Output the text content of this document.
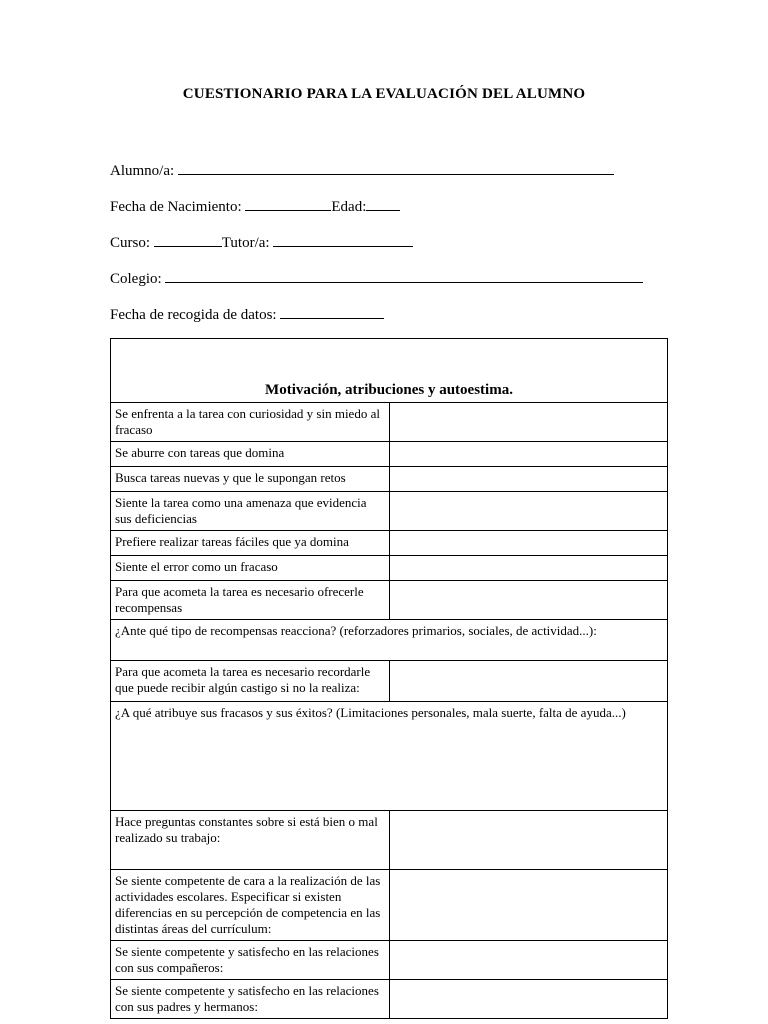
CUESTIONARIO PARA LA EVALUACIÓN DEL ALUMNO
Alumno/a:
Fecha de Nacimiento:	Edad:
Curso:	Tutor/a:
Colegio:
Fecha de recogida de datos:
Motivación, atribuciones y autoestima.	
Se enfrenta a la tarea con curiosidad y sin miedo al fracaso	
Se aburre con tareas que domina	
Busca tareas nuevas y que le supongan retos	
Siente la tarea como una amenaza que evidencia sus deficiencias	
Prefiere realizar tareas fáciles que ya domina	
Siente el error como un fracaso	
Para que acometa la tarea es necesario ofrecerle recompensas	
¿Ante qué tipo de recompensas reacciona? (reforzadores primarios, sociales, de actividad...):	
Para que acometa la tarea es necesario recordarle que puede recibir algún castigo si no la realiza:	
¿A qué atribuye sus fracasos y sus éxitos? (Limitaciones personales, mala suerte, falta de ayuda...)	
Hace preguntas constantes sobre si está bien o mal realizado su trabajo:	
Se siente competente de cara a la realización de las actividades escolares. Especificar si existen diferencias en su percepción de competencia en las distintas áreas del currículum:	
Se siente competente y satisfecho en las relaciones con sus compañeros:	
Se siente competente y satisfecho en las relaciones con sus padres y hermanos:	
